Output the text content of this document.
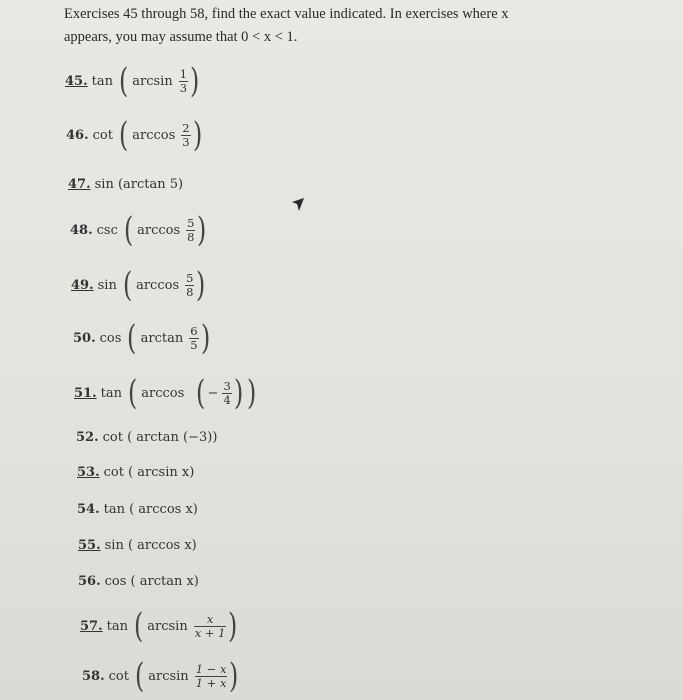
Exercises 45 through 58, find the exact value indicated. In exercises where x
appears, you may assume that 0 < x < 1.
45. tan ( $\arcsin \frac{1}{3}$ )
46. cot ( $\arccos \frac{2}{3}$ )
47. sin (arctan 5)
48. csc ( $\arccos \frac{5}{8}$ )
49. sin ( $\arccos \frac{5}{8}$ )
50. cos ( $\arctan \frac{6}{5}$ )
51. tan ( arccos ( − $\frac{3}{4}$ ) )
52. cot ( arctan (−3))
53. cot ( arcsin x)
54. tan ( arccos x)
55. sin ( arccos x)
56. cos ( arctan x)
57. tan ( $\arcsin \frac{x}{x + 1}$ )
58. cot ( $\arcsin \frac{1 - x}{1 + x}$ )
